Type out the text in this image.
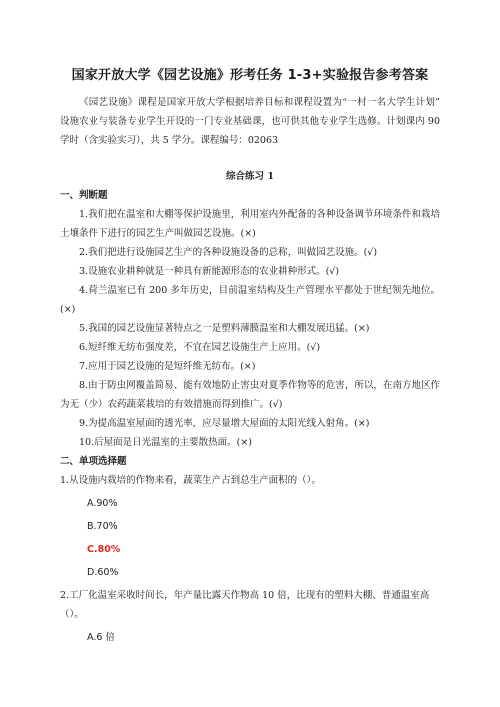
国家开放大学《园艺设施》形考任务 1-3+实验报告参考答案

《园艺设施》课程是国家开放大学根据培养目标和课程设置为“一村一名大学生计划” 设施农业与装备专业学生开设的一门专业基础课，也可供其他专业学生选修。计划课内 90 学时（含实验实习），共 5 学分。课程编号：02063

综合练习 1

一、判断题

1.我们把在温室和大棚等保护设施里，利用室内外配备的各种设备调节环境条件和栽培土壤条件下进行的园艺生产叫做园艺设施。(×)

2.我们把进行设施园艺生产的各种设施设备的总称，叫做园艺设施。(√)

3.设施农业耕种就是一种具有新能源形态的农业耕种形式。(√)

4.荷兰温室已有 200 多年历史，目前温室结构及生产管理水平都处于世纪领先地位。(×)

5.我国的园艺设施显著特点之一是塑料薄膜温室和大棚发展迅猛。(×)

6.短纤维无纺布强度差，不宜在园艺设施生产上应用。(√)

7.应用于园艺设施的是短纤维无纺布。(×)

8.由于防虫网覆盖简易、能有效地防止害虫对夏季作物等的危害，所以，在南方地区作为无（少）农药蔬菜栽培的有效措施而得到推广。(√)

9.为提高温室屋面的透光率，应尽量增大屋面的太阳光线入射角。(×)

10.后屋面是日光温室的主要散热面。(×)

二、单项选择题

1.从设施内栽培的作物来看，蔬菜生产占到总生产面积的（）。

A.90%
B.70%
C.80%
D.60%

2.工厂化温室采收时间长，年产量比露天作物高 10 倍，比现有的塑料大棚、普通温室高（）。

A.6 倍
